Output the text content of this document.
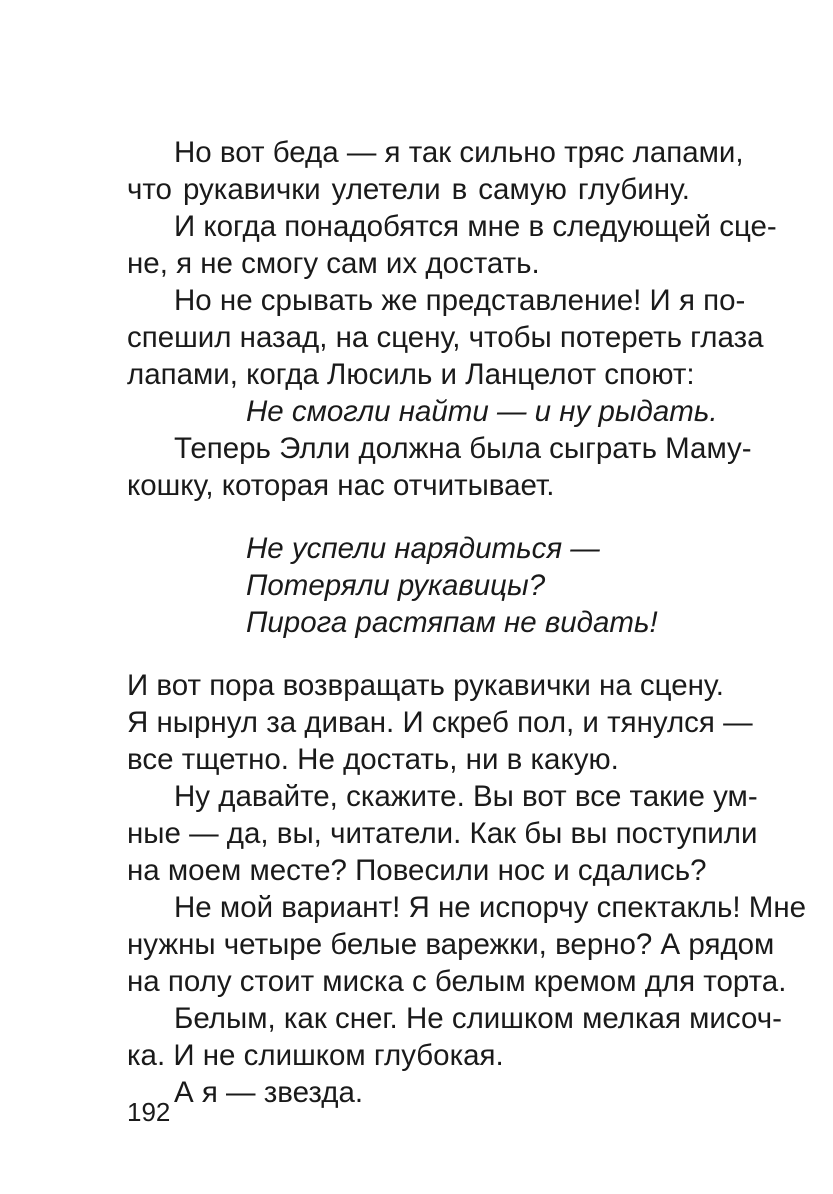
Но вот беда — я так сильно тряс лапами,
что рукавички улетели в самую глубину.
И когда понадобятся мне в следующей сце-
не, я не смогу сам их достать.
Но не срывать же представление! И я по-
спешил назад, на сцену, чтобы потереть глаза
лапами, когда Люсиль и Ланцелот споют:
Не смогли найти — и ну рыдать.
Теперь Элли должна была сыграть Маму-
кошку, которая нас отчитывает.
Не успели нарядиться —
Потеряли рукавицы?
Пирога растяпам не видать!
И вот пора возвращать рукавички на сцену.
Я нырнул за диван. И скреб пол, и тянулся —
все тщетно. Не достать, ни в какую.
Ну давайте, скажите. Вы вот все такие ум-
ные — да, вы, читатели. Как бы вы поступили
на моем месте? Повесили нос и сдались?
Не мой вариант! Я не испорчу спектакль! Мне
нужны четыре белые варежки, верно? А рядом
на полу стоит миска с белым кремом для торта.
Белым, как снег. Не слишком мелкая мисоч-
ка. И не слишком глубокая.
А я — звезда.
192
